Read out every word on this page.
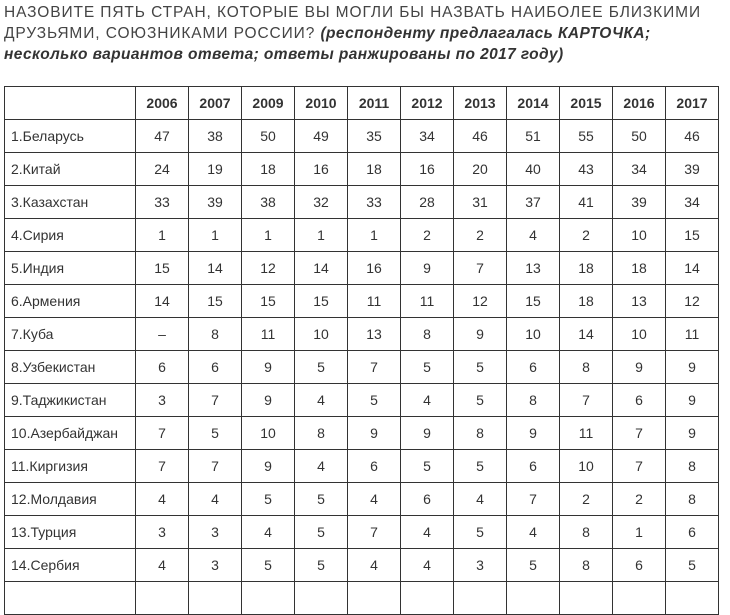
НАЗОВИТЕ ПЯТЬ СТРАН, КОТОРЫЕ ВЫ МОГЛИ БЫ НАЗВАТЬ НАИБОЛЕЕ БЛИЗКИМИ ДРУЗЬЯМИ, СОЮЗНИКАМИ РОССИИ? (респонденту предлагалась КАРТОЧКА; несколько вариантов ответа; ответы ранжированы по 2017 году)
	2006	2007	2009	2010	2011	2012	2013	2014	2015	2016	2017
1.Беларусь	47	38	50	49	35	34	46	51	55	50	46
2.Китай	24	19	18	16	18	16	20	40	43	34	39
3.Казахстан	33	39	38	32	33	28	31	37	41	39	34
4.Сирия	1	1	1	1	1	2	2	4	2	10	15
5.Индия	15	14	12	14	16	9	7	13	18	18	14
6.Армения	14	15	15	15	11	11	12	15	18	13	12
7.Куба	–	8	11	10	13	8	9	10	14	10	11
8.Узбекистан	6	6	9	5	7	5	5	6	8	9	9
9.Таджикистан	3	7	9	4	5	4	5	8	7	6	9
10.Азербайджан	7	5	10	8	9	9	8	9	11	7	9
11.Киргизия	7	7	9	4	6	5	5	6	10	7	8
12.Молдавия	4	4	5	5	4	6	4	7	2	2	8
13.Турция	3	3	4	5	7	4	5	4	8	1	6
14.Сербия	4	3	5	5	4	4	3	5	8	6	5
